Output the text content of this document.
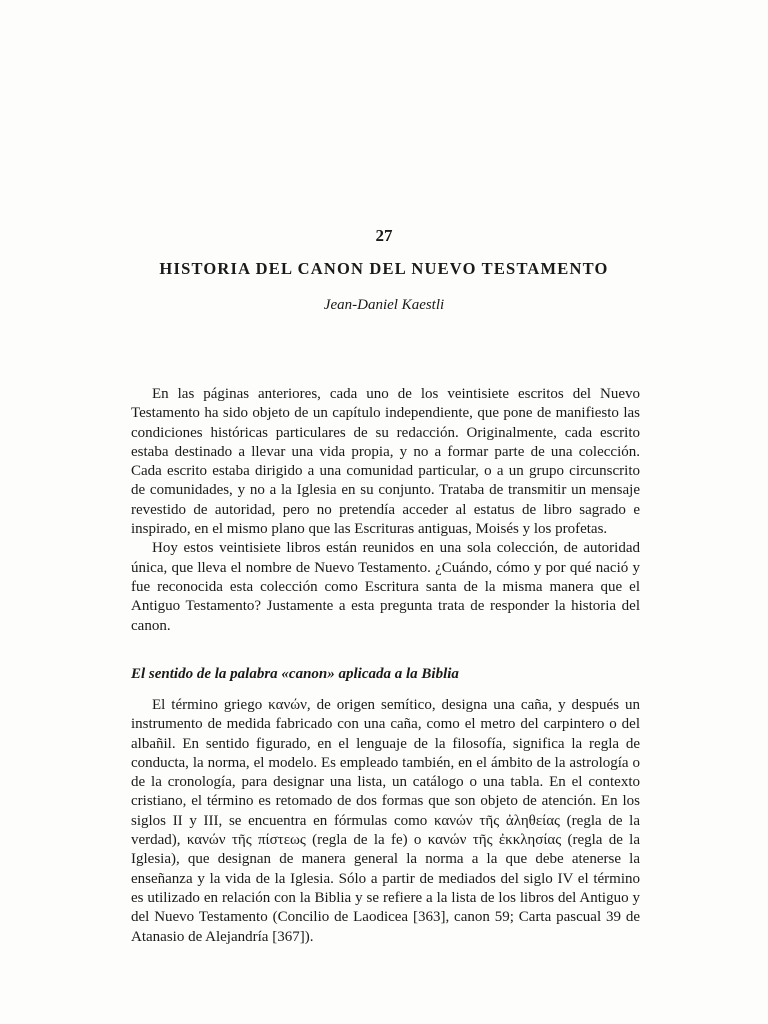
27
HISTORIA DEL CANON DEL NUEVO TESTAMENTO
Jean-Daniel Kaestli

En las páginas anteriores, cada uno de los veintisiete escritos del Nuevo Testamento ha sido objeto de un capítulo independiente, que pone de manifiesto las condiciones históricas particulares de su redacción. Originalmente, cada escrito estaba destinado a llevar una vida propia, y no a formar parte de una colección. Cada escrito estaba dirigido a una comunidad particular, o a un grupo circunscrito de comunidades, y no a la Iglesia en su conjunto. Trataba de transmitir un mensaje revestido de autoridad, pero no pretendía acceder al estatus de libro sagrado e inspirado, en el mismo plano que las Escrituras antiguas, Moisés y los profetas.

Hoy estos veintisiete libros están reunidos en una sola colección, de autoridad única, que lleva el nombre de Nuevo Testamento. ¿Cuándo, cómo y por qué nació y fue reconocida esta colección como Escritura santa de la misma manera que el Antiguo Testamento? Justamente a esta pregunta trata de responder la historia del canon.

El sentido de la palabra «canon» aplicada a la Biblia

El término griego κανών, de origen semítico, designa una caña, y después un instrumento de medida fabricado con una caña, como el metro del carpintero o del albañil. En sentido figurado, en el lenguaje de la filosofía, significa la regla de conducta, la norma, el modelo. Es empleado también, en el ámbito de la astrología o de la cronología, para designar una lista, un catálogo o una tabla. En el contexto cristiano, el término es retomado de dos formas que son objeto de atención. En los siglos II y III, se encuentra en fórmulas como κανών τῆς ἀληθείας (regla de la verdad), κανών τῆς πίστεως (regla de la fe) o κανών τῆς ἐκκλησίας (regla de la Iglesia), que designan de manera general la norma a la que debe atenerse la enseñanza y la vida de la Iglesia. Sólo a partir de mediados del siglo IV el término es utilizado en relación con la Biblia y se refiere a la lista de los libros del Antiguo y del Nuevo Testamento (Concilio de Laodicea [363], canon 59; Carta pascual 39 de Atanasio de Alejandría [367]).
